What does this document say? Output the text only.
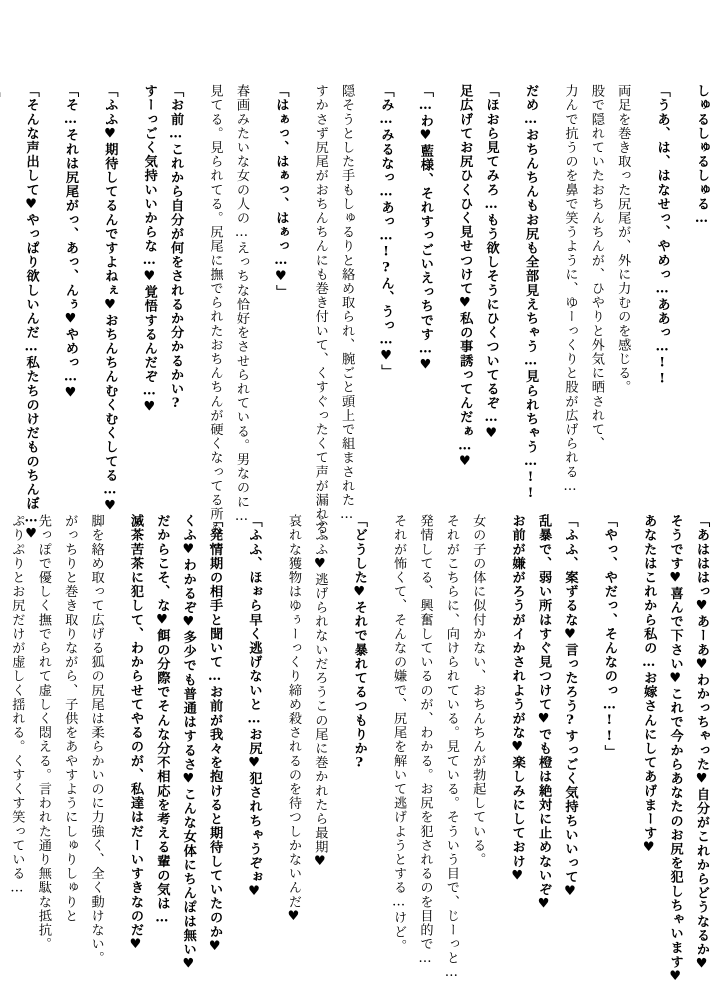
しゅるしゅるしゅる…
「うあ、は、はなせっ、やめっ…ああっ…!!
両足を巻き取った尻尾が、外に力むのを感じる。
股で隠れていたおちんちんが、ひやりと外気に晒されて、
力んで抗うのを鼻で笑うように、ゆーっくりと股が広げられる…
だめ…おちんちんもお尻も全部見えちゃう…見られちゃう…!!
「ほおら見てみろ…もう欲しそうにひくついてるぞ…♥
足広げてお尻ひくひく見せつけて♥私の事誘ってんだぁ…♥
「…わ♥藍様、それすっごいえっちです…♥
「み…みるなっ…あっ…!?ん、うっ…♥」
隠そうとした手もしゅるりと絡め取られ、腕ごと頭上で組まされた…
すかさず尻尾がおちんちんにも巻き付いて、くすぐったくて声が漏れる。
「はぁっ、はぁっ、はぁっ…♥」
春画みたいな女の人の…えっちな恰好をさせられている。男なのに…
見てる。見られてる。尻尾に撫でられたおちんちんが硬くなってる所も…
「お前…これから自分が何をされるか分かるかい?
すーっごく気持いいからな…♥覚悟するんだぞ…♥
「ふふ♥期待してるんですよねぇ♥おちんちんむくむくしてる…♥
「そ…それは尻尾がっ、あっ、んぅ♥やめっ…♥
「そんな声出して♥やっぱり欲しいんだ…私たちのけだものちんぼ…♥
「あはははっ♥あーあ♥わかっちゃった♥自分がこれからどうなるか♥
そうです♥喜んで下さい♥これで今からあなたのお尻を犯しちゃいます♥
あなたはこれから私の…お嫁さんにしてあげまーす♥
「やっ、やだっ、そんなのっ…!!」
「ふふ、案ずるな♥言ったろう?すっごく気持ちいいって♥
乱暴で、弱い所はすぐ見つけて♥でも橙は絶対に止めないぞ♥
お前が嫌がろうがイかされようがな♥楽しみにしておけ♥
女の子の体に似付かない、おちんちんが勃起している。
それがこちらに、向けられている。見ている。そういう目で、じーっと…
発情してる、興奮しているのが、わかる。お尻を犯されるのを目的で…
それが怖くて、そんなの嫌で、尻尾を解いて逃げようとする…けど。
「どうした♥それで暴れてるつもりか?
ふふふ♥逃げられないだろうこの尾に巻かれたら最期♥
哀れな獲物はゆぅーっくり締め殺されるのを待つしかないんだ♥
「ふふ、ほぉら早く逃げないと…お尻♥犯されちゃうぞぉ♥
「発情期の相手と聞いて…お前が我々を抱けると期待していたのか♥
くふ♥わかるぞ♥多少でも普通はするさ♥こんな女体にちんぽは無い♥
だからこそ、な♥餌の分際でそんな分不相応を考える輩の気は…
滅茶苦茶に犯して、わからせてやるのが、私達はだーいすきなのだ♥
脚を絡め取って広げる狐の尻尾は柔らかいのに力強く、全く動けない。
がっちりと巻き取りながら、子供をあやすようにしゅりしゅりと
先っぽで優しく撫でられて虚しく悶える。言われた通り無駄な抵抗。
ぷりぷりとお尻だけが虚しく揺れる。くすくす笑っている…
